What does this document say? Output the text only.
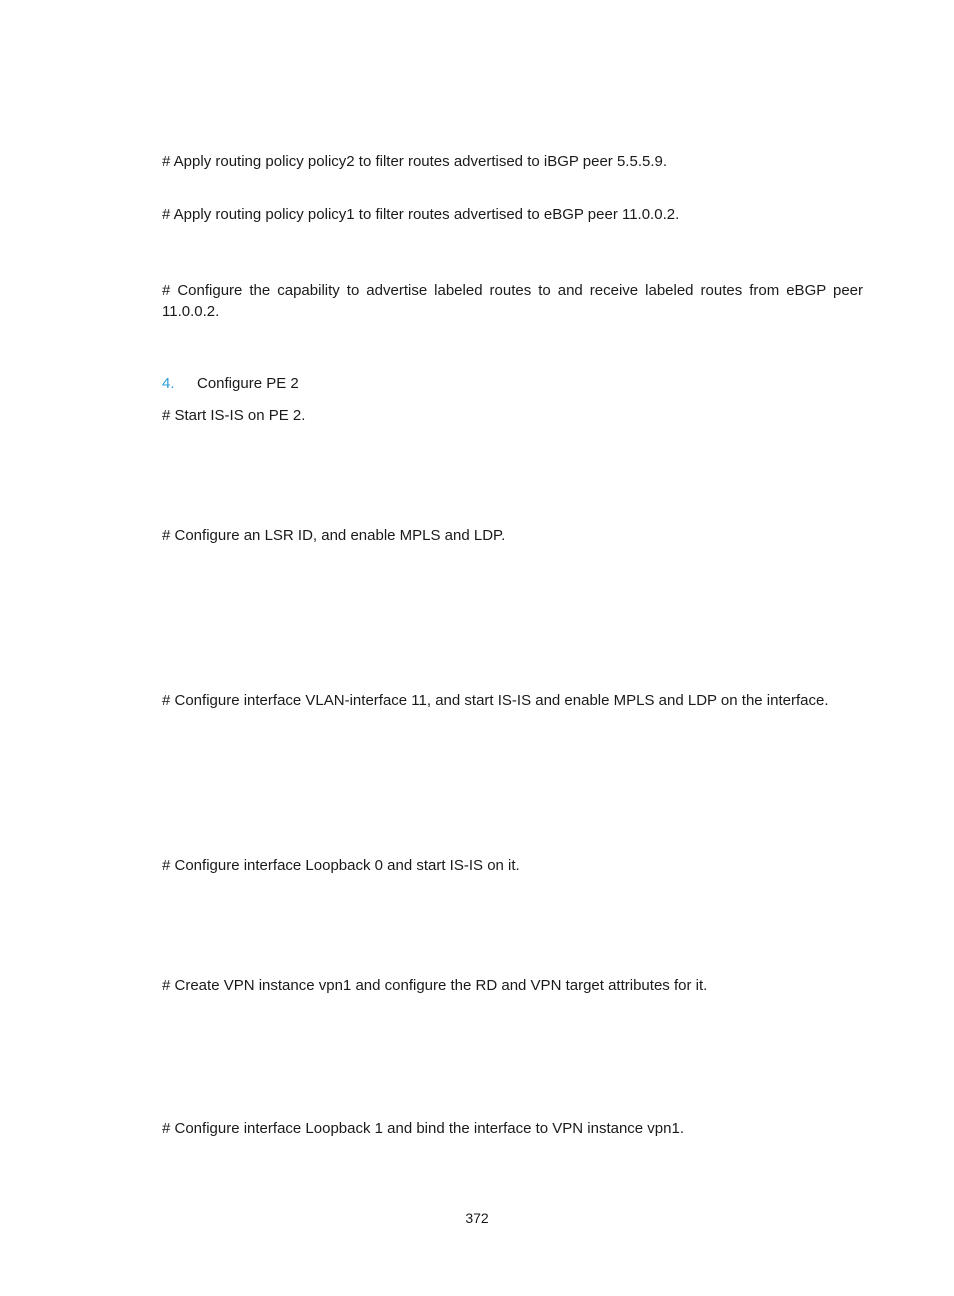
# Apply routing policy policy2 to filter routes advertised to iBGP peer 5.5.5.9.
# Apply routing policy policy1 to filter routes advertised to eBGP peer 11.0.0.2.
# Configure the capability to advertise labeled routes to and receive labeled routes from eBGP peer 11.0.0.2.
4. Configure PE 2
# Start IS-IS on PE 2.
# Configure an LSR ID, and enable MPLS and LDP.
# Configure interface VLAN-interface 11, and start IS-IS and enable MPLS and LDP on the interface.
# Configure interface Loopback 0 and start IS-IS on it.
# Create VPN instance vpn1 and configure the RD and VPN target attributes for it.
# Configure interface Loopback 1 and bind the interface to VPN instance vpn1.
372
